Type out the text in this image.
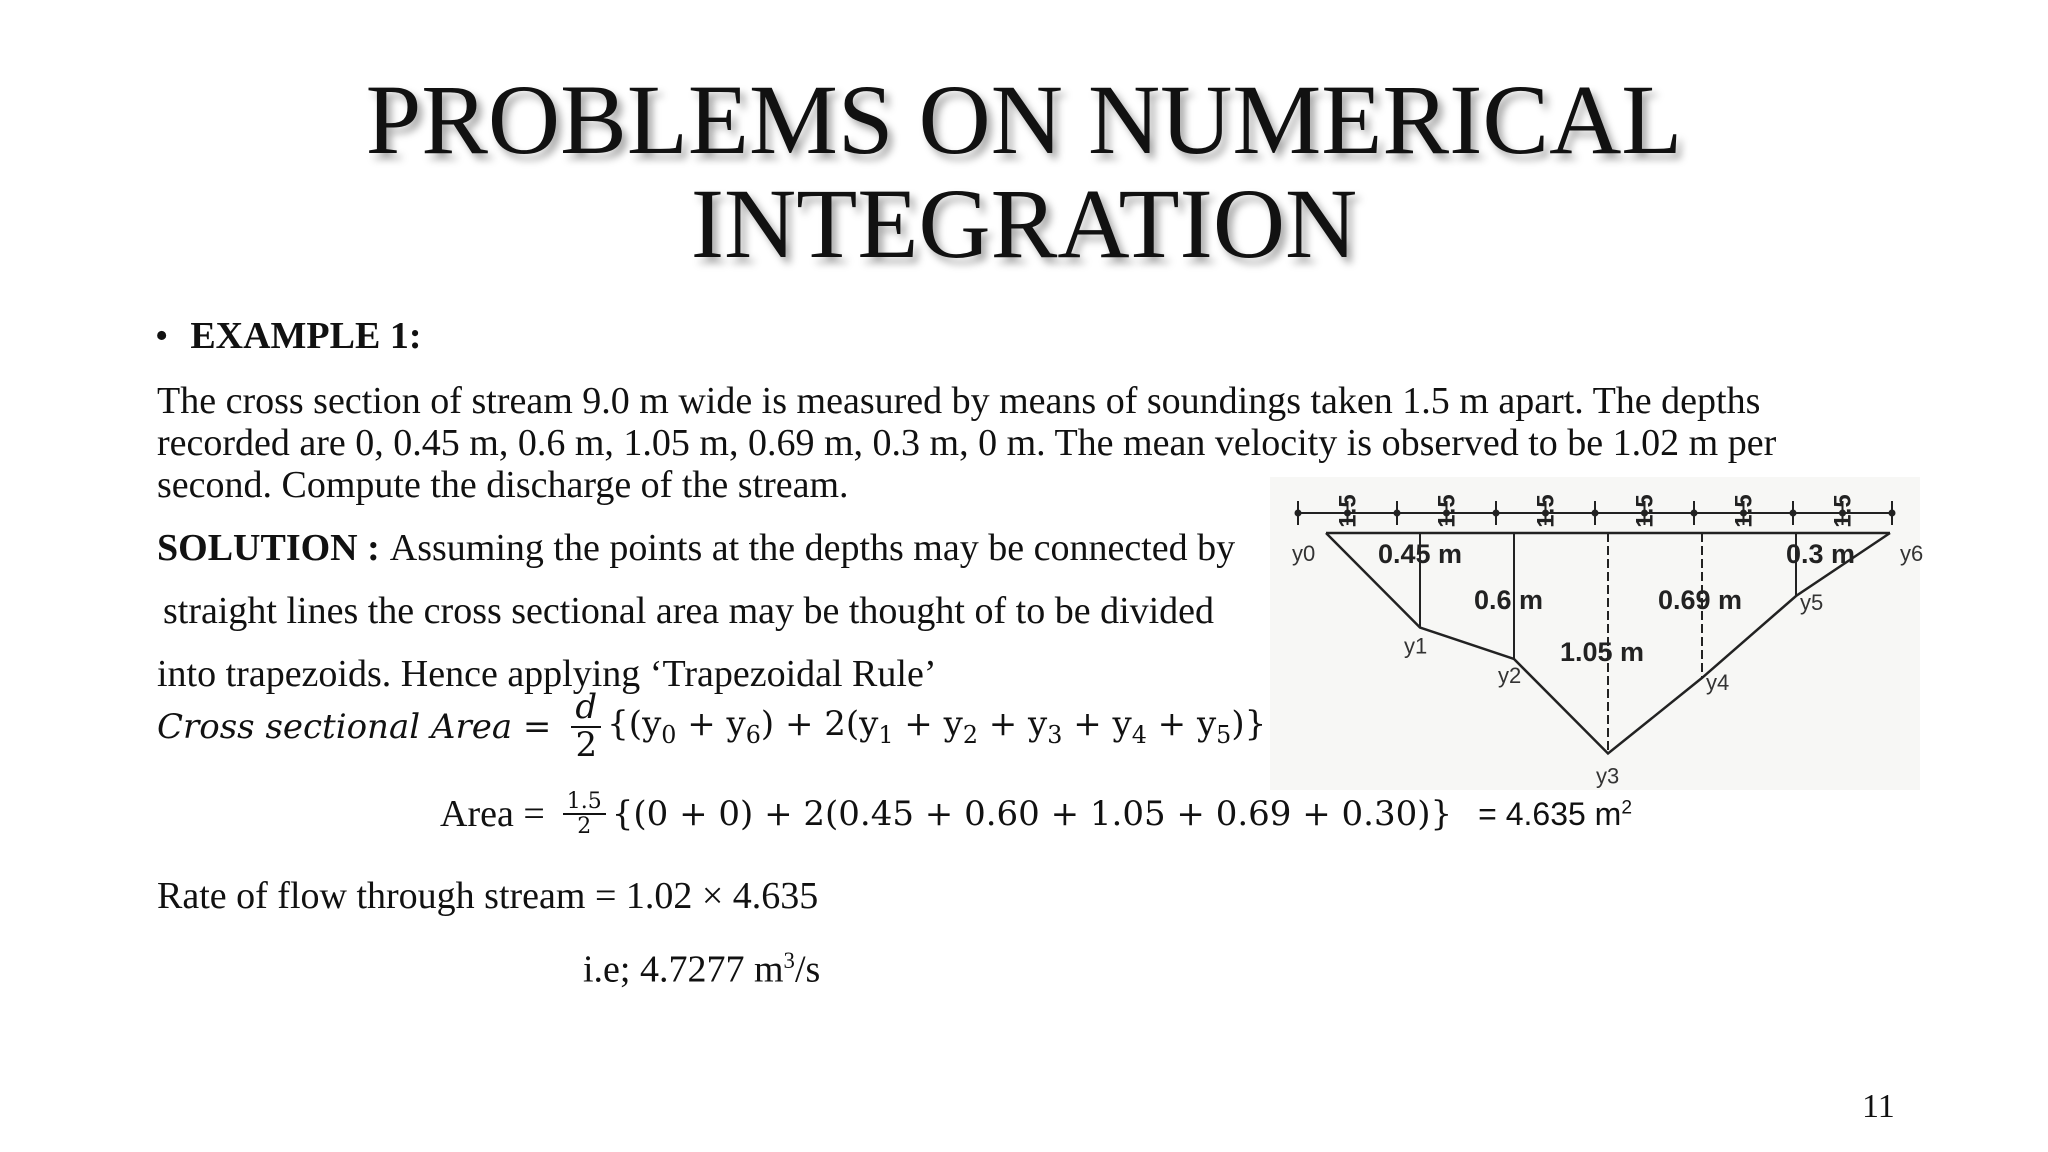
PROBLEMS ON NUMERICAL
INTEGRATION
• EXAMPLE 1:
The cross section of stream 9.0 m wide is measured by means of soundings taken 1.5 m apart. The depths recorded are 0, 0.45 m, 0.6 m, 1.05 m, 0.69 m, 0.3 m, 0 m. The mean velocity is observed to be 1.02 m per second. Compute the discharge of the stream.
SOLUTION : Assuming the points at the depths may be connected by
straight lines the cross sectional area may be thought of to be divided
into trapezoids. Hence applying ‘Trapezoidal Rule’
Cross sectional Area = $\frac{d}{2} \{(y_0 + y_6) + 2(y_1 + y_2 + y_3 + y_4 + y_5)\}$
Area = $\frac{1.5}{2} \{(0 + 0) + 2(0.45 + 0.60 + 1.05 + 0.69 + 0.30)\} = 4.635$ $m^2$
Rate of flow through stream = 1.02 × 4.635
i.e; 4.7277 $m^3/s$
11
1.5	1.5	1.5	1.5	1.5	1.5
0.45 m
0.6 m
1.05 m
0.69 m
0.3 m
y0
y1
y2
y3
y4
y5
y6
